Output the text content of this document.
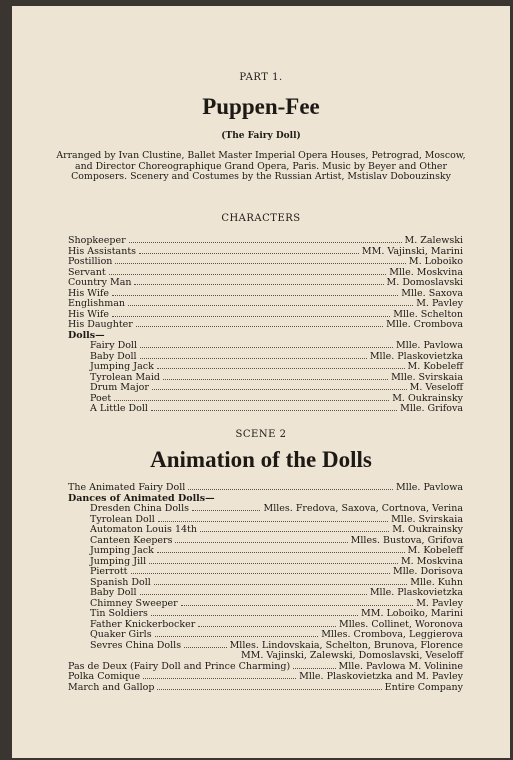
PART 1.
Puppen-Fee
(The Fairy Doll)
Arranged by Ivan Clustine, Ballet Master Imperial Opera Houses, Petrograd, Moscow, and Director Choreographique Grand Opera, Paris. Music by Beyer and Other Composers. Scenery and Costumes by the Russian Artist, Mstislav Dobouzinsky
CHARACTERS
Shopkeeper	M. Zalewski
His Assistants	MM. Vajinski, Marini
Postillion	M. Loboiko
Servant	Mlle. Moskvina
Country Man	M. Domoslavski
His Wife	Mlle. Saxova
Englishman	M. Pavley
His Wife	Mlle. Schelton
His Daughter	Mlle. Crombova
Dolls—
Fairy Doll	Mlle. Pavlowa
Baby Doll	Mlle. Plaskovietzka
Jumping Jack	M. Kobeleff
Tyrolean Maid	Mlle. Svirskaia
Drum Major	M. Veseloff
Poet	M. Oukrainsky
A Little Doll	Mlle. Grifova
SCENE 2
Animation of the Dolls
The Animated Fairy Doll	Mlle. Pavlowa
Dances of Animated Dolls—
Dresden China Dolls	Mlles. Fredova, Saxova, Cortnova, Verina
Tyrolean Doll	Mlle. Svirskaia
Automaton Louis 14th	M. Oukrainsky
Canteen Keepers	Mlles. Bustova, Grifova
Jumping Jack	M. Kobeleff
Jumping Jill	M. Moskvina
Pierrott	Mlle. Dorisova
Spanish Doll	Mlle. Kuhn
Baby Doll	Mlle. Plaskovietzka
Chimney Sweeper	M. Pavley
Tin Soldiers	MM. Loboiko, Marini
Father Knickerbocker	Mlles. Collinet, Woronova
Quaker Girls	Mlles. Crombova, Leggierova
Sevres China Dolls	Mlles. Lindovskaia, Schelton, Brunova, Florence
MM. Vajinski, Zalewski, Domoslavski, Veseloff
Pas de Deux (Fairy Doll and Prince Charming)	Mlle. Pavlowa M. Volinine
Polka Comique	Mlle. Plaskovietzka and M. Pavley
March and Gallop	Entire Company
